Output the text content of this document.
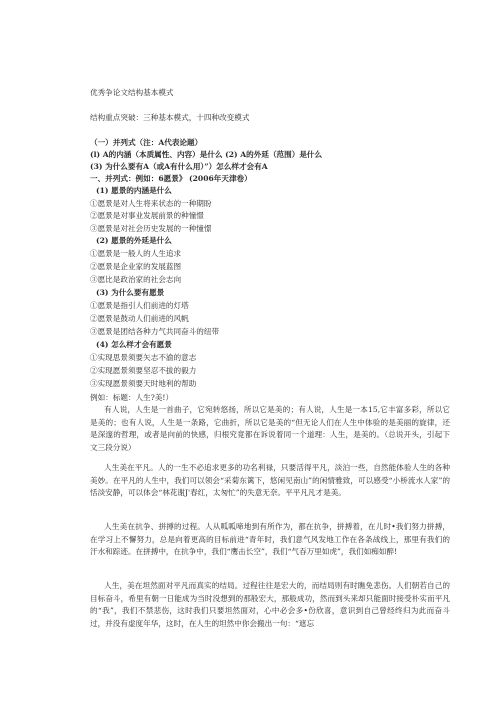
优秀争论文结构基本模式
结构重点突破：三种基本模式，十四种改变模式
（一）并列式（注：A代表论题）
(l) A的内涵（本质属性、内容）是什么 (2) A的外延（范围）是什么
(3) 为什么要有A（或A有什么用）”）怎么样才会有A
一、并列式：例如：6愿景》 (2006年天津卷）
(1) 愿景的内涵是什么
①愿景是对人生将来状态的一种期盼
②愿景是对事业发展前景的种憧憬
③愿景是对社会历史发展的一种憧憬
(2) 愿景的外延是什么
①愿景是一般人的人生追求
②愿景是企业家的发展蓝图
③愿比是政治家的社会志向
(3) 为什么要有愿景
①愿景是指引人们前进的灯塔
②愿景是鼓动人们前进的风帆
③愿景是团结各种力气共同奋斗的纽带
(4) 怎么样才会有愿景
①实现思景须要矢志不渝的意志
②实现愿景须要坚忍不拔的毅力
③实现愿景须要天时地利的帮助
例如：标题：人生?美!）
有人说，人生是一首曲子，它宛转悠扬，所以它是美的；有人说，人生是一本15,它丰富多彩，所以它是美的；也有人说，人生是一条路，它曲折，所以它是美的“但无论人们在人生中体验的是美丽的旋律，还是深邃的哲理，或者是向前的快感，归根究竟都在诉说着同一个道理：人生，是美的。（总说开头，引起下文三段分说）
人生美在平凡。人的一生不必追求更多的功名利禄，只要活得平凡，淡泊一些，自然能体验人生的各种美妙。在平凡的人生中，我们可以领会“采菊东篱下，悠闲见南山”的闲情雅致，可以感受“小桥流水人家”的恬淡安静，可以体会“林花谢J'春红，太匆忙”的失意无奈。平平凡凡才是美。
人生美在抗争、拼搏的过程。人从呱呱啼地到有所作为，都在抗争，拼搏着，在儿时•我们努力拼搏，在学习上不懈努力，总是向着更高的目标前进“青年时，我们意气风发地工作在各条战线上，那里有我们的汗水和踪迹。在拼搏中，在抗争中，我们“鹰击长空”，我们“气吞万里如虎”，我们如痴如醉!
人生，美在坦然面对平凡而真实的结局。过程往往是宏大的，而结局则有时瞧免悲伤。人们朝若自己的目标奋斗，希里有朝一日能成为当时没想到的那般宏大，那般成功，然而到头来却只能面时接受朴实而平凡的“我”，我们不禁悲伤，这时我们只要坦然面对，心中必会多•份欣喜，意识到自己曾经终归为此而奋斗过，并没有虚度年华，这时，在人生的坦然中你会搬出一句：“遮忘
